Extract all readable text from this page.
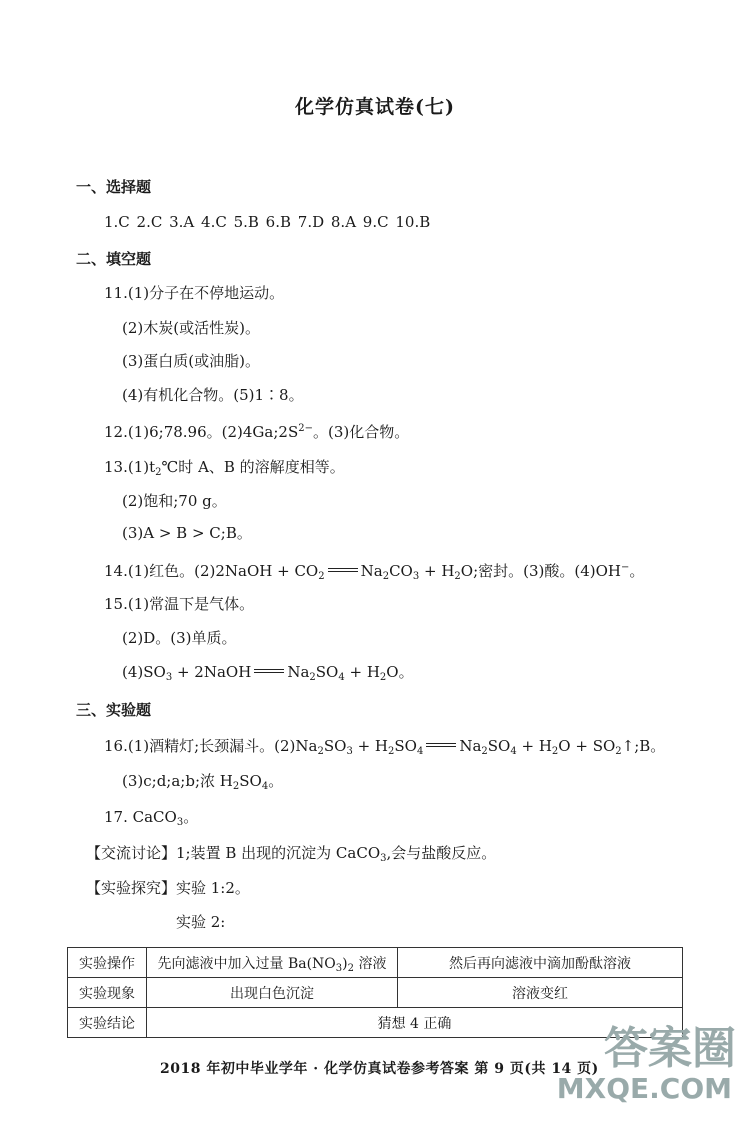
化学仿真试卷(七)
一、选择题
1.C 2.C 3.A 4.C 5.B 6.B 7.D 8.A 9.C 10.B
二、填空题
11.(1)分子在不停地运动。
(2)木炭(或活性炭)。
(3)蛋白质(或油脂)。
(4)有机化合物。(5)1∶8。
12.(1)6;78.96。$(2)4Ga;2S^{2-}$。(3)化合物。
$13.(1)t_2℃$时 A、B 的溶解度相等。
(2)饱和;70 g。
(3)A > B > C;B。
14.(1)红色。(2)2NaOH + $CO_2$ $Na_2CO_3 + H_2O$;密封。(3)酸。(4)OH−。
15.(1)常温下是气体。
(2)D。(3)单质。
$(4)SO_3$ + 2NaOH $Na_2SO_4 + H_2O$。
三、实验题
16.(1)酒精灯;长颈漏斗。$(2)Na_2SO_3 + H_2SO_4$ $Na_2SO_4 + H_2O$ + $SO_2↑;B$。
(3)c;d;a;b;浓 $H_2SO_4$。
17. CaCO$_3$。
【交流讨论】1;装置 B 出现的沉淀为 CaCO$_3$,会与盐酸反应。
【实验探究】实验 1:2。
实验 2:
实验操作	先向滤液中加入过量 $Ba(NO_3)_2$ 溶液	然后再向滤液中滴加酚酞溶液
实验现象	出现白色沉淀	溶液变红
实验结论	猜想 4 正确	
2018 年初中毕业学年 · 化学仿真试卷参考答案 第 9 页(共 14 页) 答案圈
MXQE.COM
